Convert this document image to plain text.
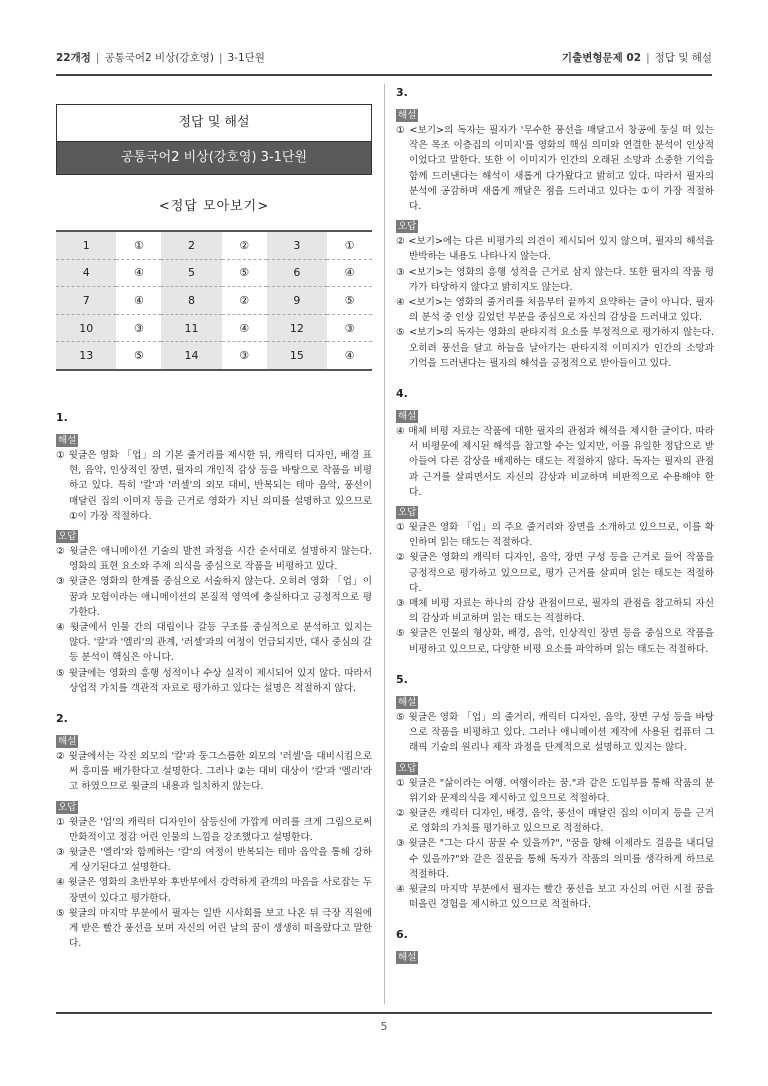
22개정 | 공통국어2 비상(강호영) | 3-1단원	기출변형문제 02 | 정답 및 해설
정답 및 해설
공통국어2 비상(강호영) 3-1단원
<정답 모아보기>
1	①	2	②	3	①
4	④	5	⑤	6	④
7	④	8	②	9	⑤
10	③	11	④	12	③
13	⑤	14	③	15	④
1.
해설
① 윗글은 영화 「업」의 기본 줄거리를 제시한 뒤, 캐릭터 디자인, 배경 표현, 음악, 인상적인 장면, 필자의 개인적 감상 등을 바탕으로 작품을 비평하고 있다. 특히 '칼'과 '러셀'의 외모 대비, 반복되는 테마 음악, 풍선이 매달린 집의 이미지 등을 근거로 영화가 지닌 의미를 설명하고 있으므로 ①이 가장 적절하다.
오답
② 윗글은 애니메이션 기술의 발전 과정을 시간 순서대로 설명하지 않는다. 영화의 표현 요소와 주제 의식을 중심으로 작품을 비평하고 있다.
③ 윗글은 영화의 한계를 중심으로 서술하지 않는다. 오히려 영화 「업」이 꿈과 모험이라는 애니메이션의 본질적 영역에 충실하다고 긍정적으로 평가한다.
④ 윗글에서 인물 간의 대립이나 갈등 구조를 중심적으로 분석하고 있지는 않다. '칼'과 '엘리'의 관계, '러셀'과의 여정이 언급되지만, 대사 중심의 갈등 분석이 핵심은 아니다.
⑤ 윗글에는 영화의 흥행 성적이나 수상 실적이 제시되어 있지 않다. 따라서 상업적 가치를 객관적 자료로 평가하고 있다는 설명은 적절하지 않다.
2.
해설
② 윗글에서는 각진 외모의 '칼'과 둥그스름한 외모의 '러셀'을 대비시킴으로써 흥미를 배가한다고 설명한다. 그러나 ②는 대비 대상이 '칼'과 '엘리'라고 하였으므로 윗글의 내용과 일치하지 않는다.
오답
① 윗글은 '업'의 캐릭터 디자인이 삼등신에 가깝게 머리를 크게 그림으로써 만화적이고 정감 어린 인물의 느낌을 강조했다고 설명한다.
③ 윗글은 '엘리'와 함께하는 '칼'의 여정이 반복되는 테마 음악을 통해 강하게 상기된다고 설명한다.
④ 윗글은 영화의 초반부와 후반부에서 강력하게 관객의 마음을 사로잡는 두 장면이 있다고 평가한다.
⑤ 윗글의 마지막 부분에서 필자는 일반 시사회를 보고 나온 뒤 극장 직원에게 받은 빨간 풍선을 보며 자신의 어린 날의 꿈이 생생히 떠올랐다고 말한다.
3.
해설
① <보기>의 독자는 필자가 '무수한 풍선을 매달고서 창공에 둥실 떠 있는 작은 목조 이층집의 이미지'를 영화의 핵심 의미와 연결한 분석이 인상적이었다고 말한다. 또한 이 이미지가 인간의 오래된 소망과 소중한 기억을 함께 드러낸다는 해석이 새롭게 다가왔다고 밝히고 있다. 따라서 필자의 분석에 공감하며 새롭게 깨달은 점을 드러내고 있다는 ①이 가장 적절하다.
오답
② <보기>에는 다른 비평가의 의견이 제시되어 있지 않으며, 필자의 해석을 반박하는 내용도 나타나지 않는다.
③ <보기>는 영화의 흥행 성적을 근거로 삼지 않는다. 또한 필자의 작품 평가가 타당하지 않다고 밝히지도 않는다.
④ <보기>는 영화의 줄거리를 처음부터 끝까지 요약하는 글이 아니다. 필자의 분석 중 인상 깊었던 부분을 중심으로 자신의 감상을 드러내고 있다.
⑤ <보기>의 독자는 영화의 판타지적 요소를 부정적으로 평가하지 않는다. 오히려 풍선을 달고 하늘을 날아가는 판타지적 이미지가 인간의 소망과 기억을 드러낸다는 필자의 해석을 긍정적으로 받아들이고 있다.
4.
해설
④ 매체 비평 자료는 작품에 대한 필자의 관점과 해석을 제시한 글이다. 따라서 비평문에 제시된 해석을 참고할 수는 있지만, 이를 유일한 정답으로 받아들여 다른 감상을 배제하는 태도는 적절하지 않다. 독자는 필자의 관점과 근거를 살피면서도 자신의 감상과 비교하며 비판적으로 수용해야 한다.
오답
① 윗글은 영화 「업」의 주요 줄거리와 장면을 소개하고 있으므로, 이를 확인하며 읽는 태도는 적절하다.
② 윗글은 영화의 캐릭터 디자인, 음악, 장면 구성 등을 근거로 들어 작품을 긍정적으로 평가하고 있으므로, 평가 근거를 살피며 읽는 태도는 적절하다.
③ 매체 비평 자료는 하나의 감상 관점이므로, 필자의 관점을 참고하되 자신의 감상과 비교하며 읽는 태도는 적절하다.
⑤ 윗글은 인물의 형상화, 배경, 음악, 인상적인 장면 등을 중심으로 작품을 비평하고 있으므로, 다양한 비평 요소를 파악하며 읽는 태도는 적절하다.
5.
해설
⑤ 윗글은 영화 「업」의 줄거리, 캐릭터 디자인, 음악, 장면 구성 등을 바탕으로 작품을 비평하고 있다. 그러나 애니메이션 제작에 사용된 컴퓨터 그래픽 기술의 원리나 제작 과정을 단계적으로 설명하고 있지는 않다.
오답
① 윗글은 "삶이라는 여행. 여행이라는 꿈."과 같은 도입부를 통해 작품의 분위기와 문제의식을 제시하고 있으므로 적절하다.
② 윗글은 캐릭터 디자인, 배경, 음악, 풍선이 매달린 집의 이미지 등을 근거로 영화의 가치를 평가하고 있으므로 적절하다.
③ 윗글은 "그는 다시 꿈꿀 수 있을까?", "꿈을 향해 이제라도 걸음을 내디딜 수 있을까?"와 같은 질문을 통해 독자가 작품의 의미를 생각하게 하므로 적절하다.
④ 윗글의 마지막 부분에서 필자는 빨간 풍선을 보고 자신의 어린 시절 꿈을 떠올린 경험을 제시하고 있으므로 적절하다.
6.
해설
5
